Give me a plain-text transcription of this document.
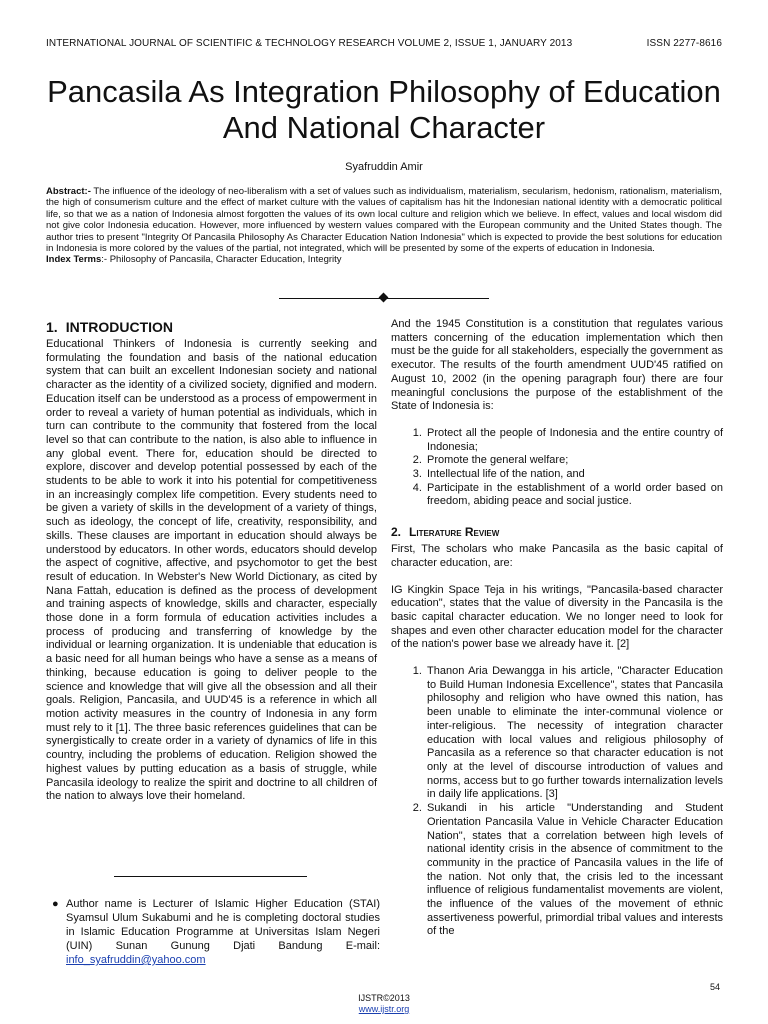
INTERNATIONAL JOURNAL OF SCIENTIFIC & TECHNOLOGY RESEARCH VOLUME 2, ISSUE 1, JANUARY 2013	ISSN 2277-8616
Pancasila As Integration Philosophy of Education And National Character
Syafruddin Amir
Abstract:- The influence of the ideology of neo-liberalism with a set of values such as individualism, materialism, secularism, hedonism, rationalism, materialism, the high of consumerism culture and the effect of market culture with the values of capitalism has hit the Indonesian national identity with a democratic political life, so that we as a nation of Indonesia almost forgotten the values of its own local culture and religion which we believe. In effect, values and local wisdom did not give color Indonesia education. However, more influenced by western values compared with the European community and the United States though. The author tries to present "Integrity Of Pancasila Philosophy As Character Education Nation Indonesia" which is expected to provide the best solutions for education in Indonesia is more colored by the values of the partial, not integrated, which will be presented by some of the experts of education in Indonesia.
Index Terms:- Philosophy of Pancasila, Character Education, Integrity
1. INTRODUCTION

Educational Thinkers of Indonesia is currently seeking and formulating the foundation and basis of the national education system that can built an excellent Indonesian society and national character as the identity of a civilized society, dignified and modern. Education itself can be understood as a process of empowerment in order to reveal a variety of human potential as individuals, which in turn can contribute to the community that fostered from the local level so that can contribute to the nation, is also able to influence in any global event. There for, education should be directed to explore, discover and develop potential possessed by each of the students to be able to work it into his potential for competitiveness in an increasingly complex life competition. Every students need to be given a variety of skills in the development of a variety of things, such as ideology, the concept of life, creativity, responsibility, and skills. These clauses are important in education should always be understood by educators. In other words, educators should develop the aspect of cognitive, affective, and psychomotor to get the best result of education. In Webster's New World Dictionary, as cited by Nana Fattah, education is defined as the process of development and training aspects of knowledge, skills and character, especially those done in a form formula of education activities includes a process of producing and transferring of knowledge by the individual or learning organization. It is undeniable that education is a basic need for all human beings who have a sense as a means of thinking, because education is going to deliver people to the science and knowledge that will give all the obsession and all their goals. Religion, Pancasila, and UUD'45 is a reference in which all motion activity measures in the country of Indonesia in any form must rely to it [1]. The three basic references guidelines that can be synergistically to create order in a variety of dynamics of life in this country, including the problems of education. Religion showed the highest values by putting education as a basis of struggle, while Pancasila ideology to realize the spirit and doctrine to all children of the nation to always love their homeland.

And the 1945 Constitution is a constitution that regulates various matters concerning of the education implementation which then must be the guide for all stakeholders, especially the government as executor. The results of the fourth amendment UUD'45 ratified on August 10, 2002 (in the opening paragraph four) there are four meaningful conclusions the purpose of the establishment of the State of Indonesia is:

1. Protect all the people of Indonesia and the entire country of Indonesia;
2. Promote the general welfare;
3. Intellectual life of the nation, and
4. Participate in the establishment of a world order based on freedom, abiding peace and social justice.
2. Literature Review

First, The scholars who make Pancasila as the basic capital of character education, are:

IG Kingkin Space Teja in his writings, "Pancasila-based character education", states that the value of diversity in the Pancasila is the basic capital character education. We no longer need to look for shapes and even other character education model for the character of the nation's power base we already have it. [2]

1. Thanon Aria Dewangga in his article, "Character Education to Build Human Indonesia Excellence", states that Pancasila philosophy and religion who have owned this nation, has been unable to eliminate the inter-communal violence or inter-religious. The necessity of integration character education with local values and religious philosophy of Pancasila as a reference so that character education is not only at the level of discourse introduction of values and norms, access but to go further towards internalization levels in daily life applications. [3]
2. Sukandi in his article "Understanding and Student Orientation Pancasila Value in Vehicle Character Education Nation", states that a correlation between high levels of national identity crisis in the absence of commitment to the community in the practice of Pancasila values in the life of the nation. Not only that, the crisis led to the incessant influence of religious fundamentalist movements are violent, the influence of the values of the movement of ethnic assertiveness powerful, primordial tribal values and interests of the
● Author name is Lecturer of Islamic Higher Education (STAI) Syamsul Ulum Sukabumi and he is completing doctoral studies in Islamic Education Programme at Universitas Islam Negeri (UIN) Sunan Gunung Djati Bandung E-mail: info_syafruddin@yahoo.com
54
IJSTR©2013
www.ijstr.org
